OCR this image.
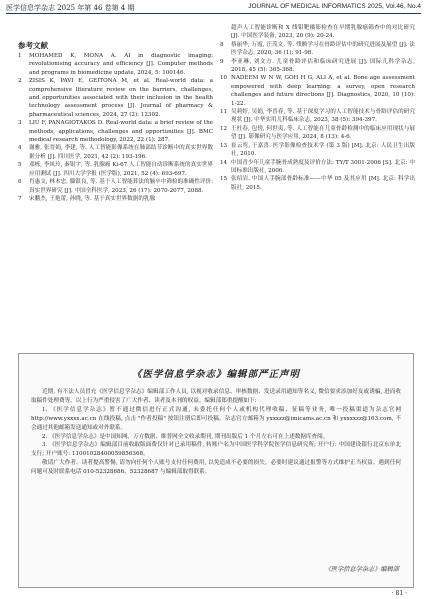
医学信息学杂志 2025 年第 46 卷第 4 期	JOURNAL OF MEDICAL INFORMATICS 2025, Vol.46, No.4
参考文献
1	MOHAMED K, MONA A. AI in diagnostic imaging: revolutionising accuracy and efficiency [J]. Computer methods and programs in biomedicine update, 2024, 5: 100146.
2	ZISIS K, PAVI E, GEITONA M, et al. Real-world data: a comprehensive literature review on the barriers, challenges, and opportunities associated with their inclusion in the health technology assessment process [J]. Journal of pharmacy & pharmaceutical sciences, 2024, 27 (2): 12302.
3	LIU F, PANAGIOTAKOS D. Real-world data: a brief review of the methods, applications, challenges and opportunities [J]. BMC medical research methodology, 2022, 22 (1): 287.
4	谢雅, 张晋娟, 李建, 等. 人工智能影像系统在肺部结节诊断中的真实世界数据分析 [J]. 四川医学, 2021, 42 (2): 193-196.
5	邓栎, 李凤玲, 秦银宇, 等. 乳腺癌 Ki-67 人工智能自动诊断系统的真实世界应用测试 [J]. 四川大学学报 (医学版), 2021, 52 (4): 693-697.
6	肖惠文, 林本忠, 滕银良, 等. 基于人工智能算法的脑卒中筛检的准确性评价: 真实世界研究 [J]. 中国全科医学, 2023, 26 (17): 2070-2077, 2088.
7	宋鹏杰, 王艳蕾, 孙晓, 等. 基于真实世界数据的乳腺
超声人工智能诊断和 X 线钼靶摄影检查在早期乳腺癌筛查中的对比研究 [J]. 中国医学装备, 2023, 20 (9): 20-24.
8	蔡丽华, 万霞, 汪茂文, 等. 残额学习在骨龄评估中的研究进展及展望 [J]. 法医学杂志, 2020, 36 (1): 91-98.
9	李亚琳, 刘文方. 儿童骨龄评估和临床研究进展 [J]. 国际儿科学杂志, 2018, 45 (5): 365-368.
10 NADEEM W N W, GOH H G, ALI A, et al. Bone age assessment empowered with deep learning: a survey, open research challenges and future directions [J]. Diagnostics, 2020, 10 (10): 1-22.
11 吴莉婷, 吴娟, 李晋春, 等. 基于深度学习的人工智能技术与骨龄评估的研究现状 [J]. 中华实用儿科临床杂志, 2023, 38 (5): 394-397.
12 王杜春, 包傍, 何世夷, 等. 人工智能在儿童骨龄检测中的临床应用现状与展望 [J]. 影像研究与医学应用, 2024, 8 (13): 4-6.
13 崔云鸾, 于嘉喜. 医学影像检查技术学 (第 3 版) [M]. 北京: 人民卫生出版社, 2010.
14 中国青少年儿童手腕骨成熟度及评价方法: TY/T 3001-2006 [S]. 北京: 中国标准出版社, 2006.
15 张绍岩. 中国人手腕部骨龄标准——中华 05 及其应用 [M]. 北京: 科学出版社, 2015.
《医学信息学杂志》编辑部严正声明

近期, 有不法人员冒充《医学信息学杂志》编辑部工作人员, 以视对收录信息、审核数据、发送录用通知等名义, 微信要求添加好友或诱骗, 进而收取稿件处理费等。以上行为严重侵害了广大作者、读者及本刊的权益。编辑部郑重提醒如下:

1. 《医学信息学杂志》暂不通过微信进行正式沟通, 未委托任何个人或机构代理收稿、征稿等业务, 唯一投稿渠道为杂志官网 http://www.yxxxx.ac.cn 在线投稿, 点击 "作者投稿" 按钮注册后即可投稿。杂志官方邮箱为 yxxxzz@imicams.ac.cn 和 yxxxxzz@163.com, 不会通过其他邮箱发送通知或对外联系。

2. 《医学信息学杂志》是中国知网、万方数据、维普网全文收录期刊, 期刊出版后 1 个月左右可在上述数据库查阅。

3. 《医学信息学杂志》编辑部目前收取版面费仅针对已录用稿件, 转账户名为中国医学科学院医学信息研究所; 开户行: 中国建设银行北京东单北支行; 开户账号: 11001028400059856368。

敬请广大作者、读者提高警惕, 请勿向任何个人账号支付任何费用, 以免造成不必要的损失。必要时建议通过报警等方式维护正当权益。遇到任何问题可及时联系电话 010-52328686、52328687 与编辑部取得联系。

《医学信息学杂志》编辑部
· 81 ·
